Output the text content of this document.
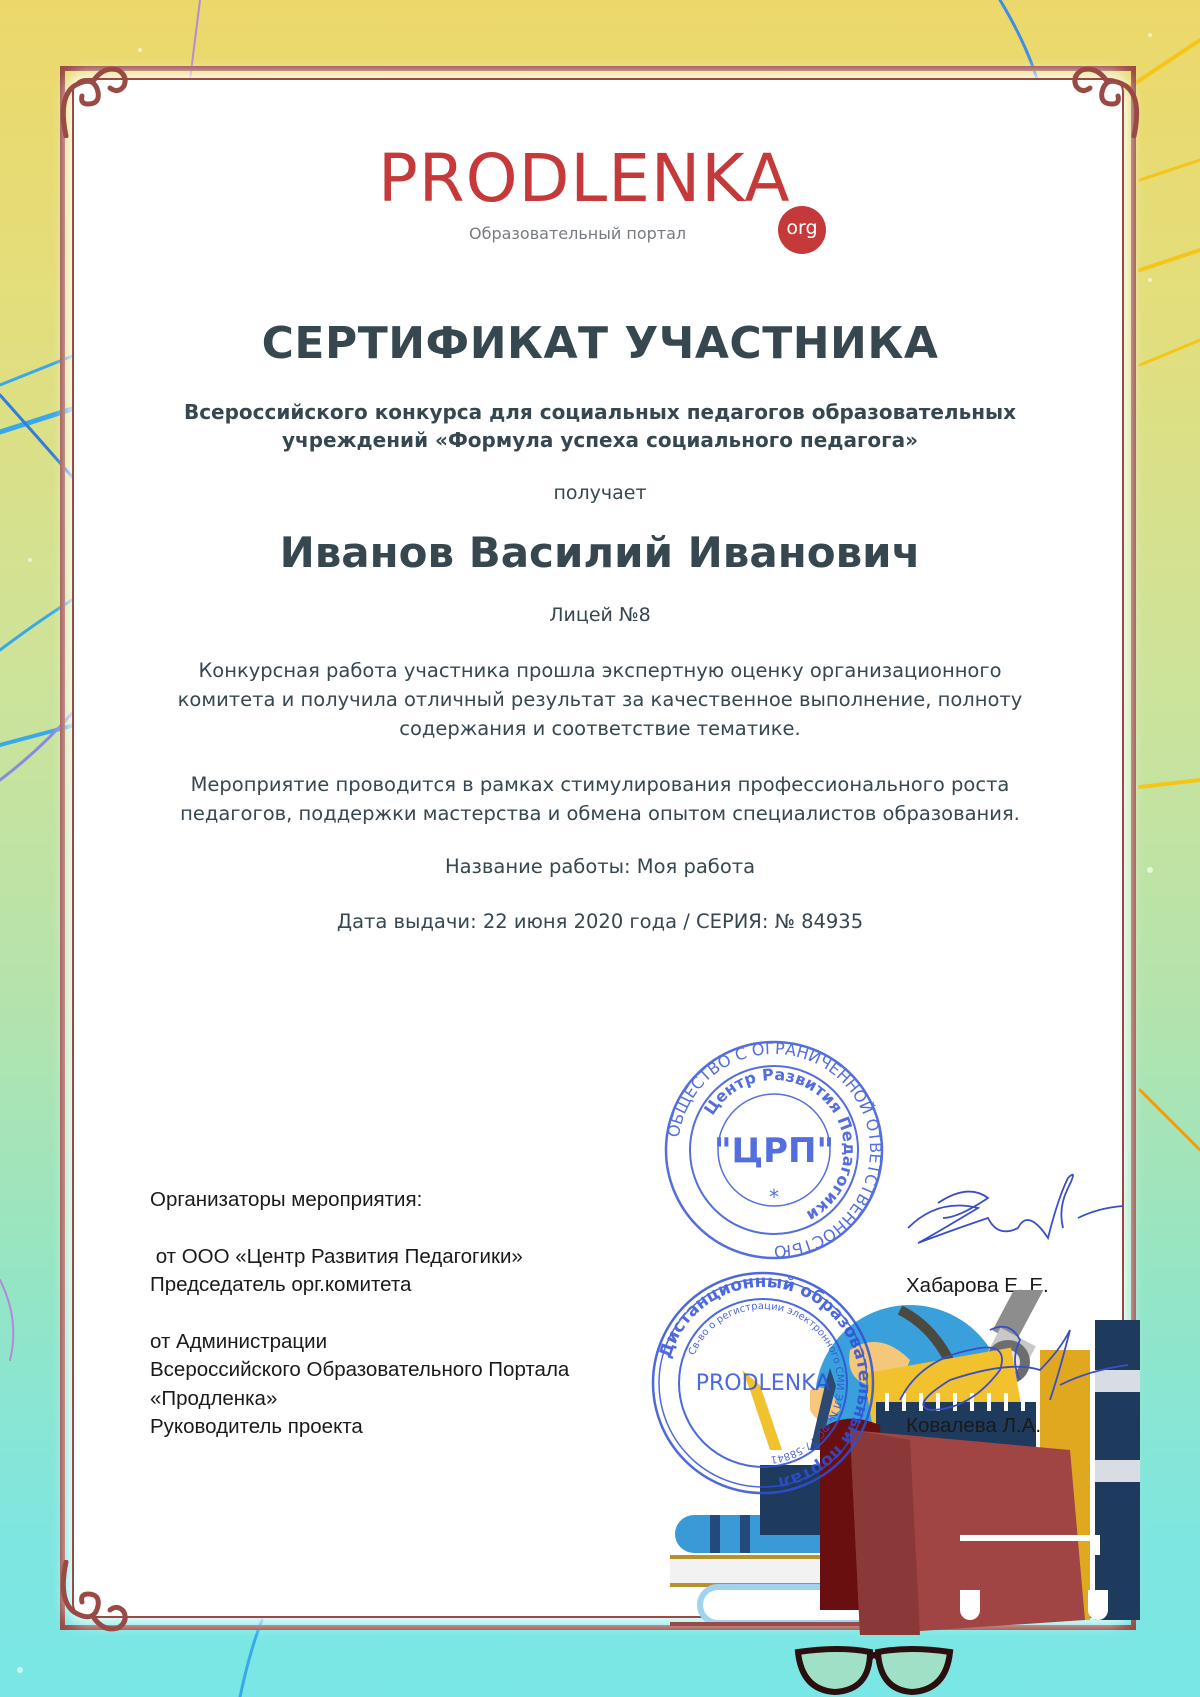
PRODLENKA
Образовательный портал	org
СЕРТИФИКАТ УЧАСТНИКА
Всероссийского конкурса для социальных педагогов образовательных
учреждений «Формула успеха социального педагога»
получает
Иванов Василий Иванович
Лицей №8
Конкурсная работа участника прошла экспертную оценку организационного
комитета и получила отличный результат за качественное выполнение, полноту
содержания и соответствие тематике.
Мероприятие проводится в рамках стимулирования профессионального роста
педагогов, поддержки мастерства и обмена опытом специалистов образования.
Название работы: Моя работа
Дата выдачи: 22 июня 2020 года / СЕРИЯ: № 84935
Организаторы мероприятия:
от ООО «Центр Развития Педагогики»
Председатель орг.комитета
от Администрации
Всероссийского Образовательного Портала
«Продленка»
Руководитель проекта
ОБЩЕСТВО С ОГРАНИЧЕННОЙ ОТВЕТСТВЕННОСТЬЮ
Центр Развития Педагогики
"ЦРП"
*
Дистанционный образовательный портал
Св-во о регистрации электронного СМИ ЭЛ № ФС 77-58841
PRODLENKA
Хабарова Е. Е.
Ковалева Л.А.
